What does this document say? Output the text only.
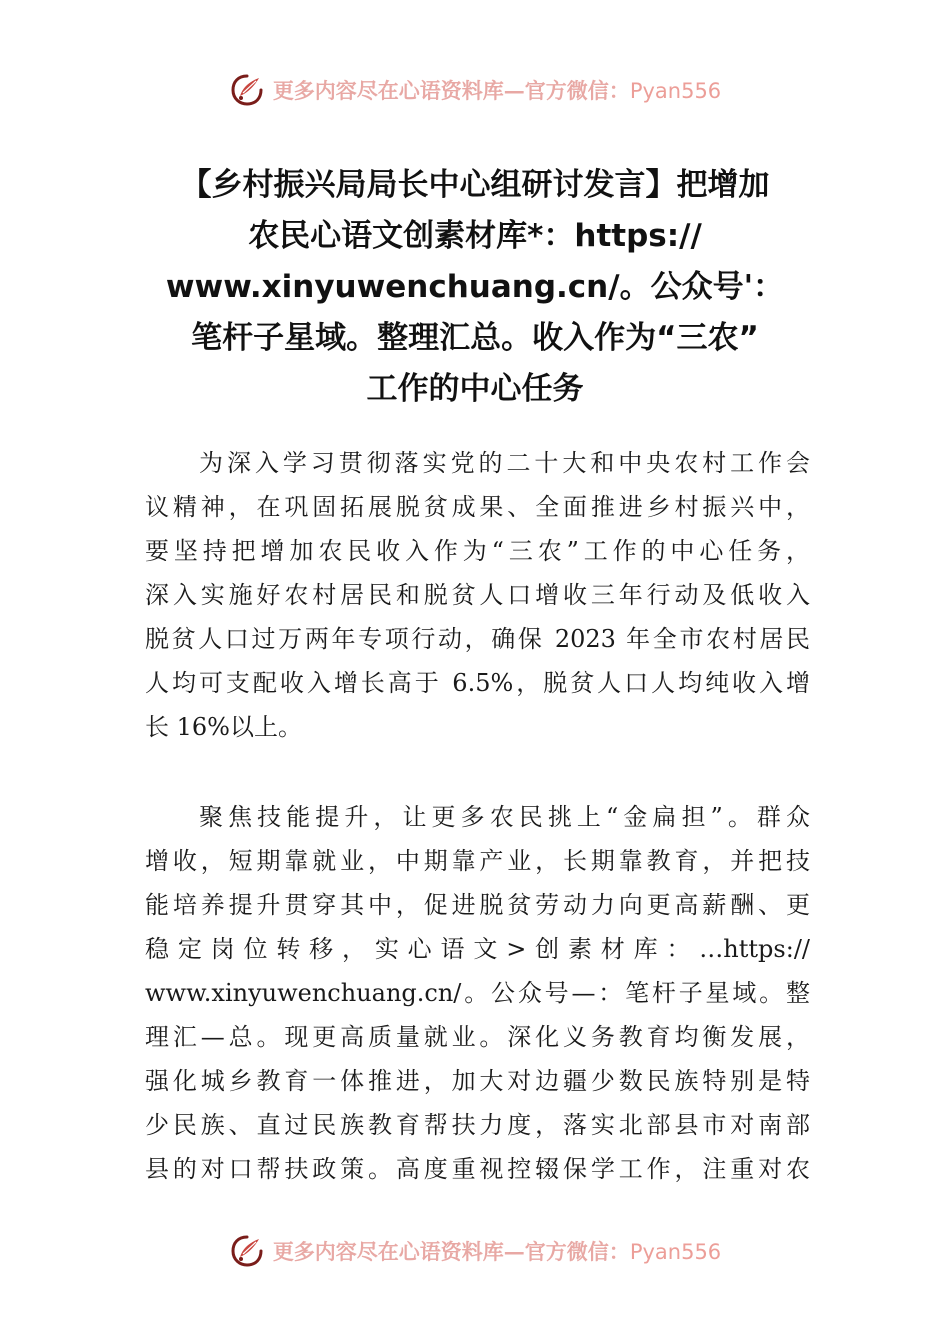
更多内容尽在心语资料库—官方微信：Pyan556
【乡村振兴局局长中心组研讨发言】把增加
农民心语文创素材库*：https://
www.xinyuwenchuang.cn/。公众号'：
笔杆子星域。整理汇总。收入作为“三农”
工作的中心任务

为深入学习贯彻落实党的二十大和中央农村工作会
议精神，在巩固拓展脱贫成果、全面推进乡村振兴中，
要坚持把增加农民收入作为“三农”工作的中心任务，
深入实施好农村居民和脱贫人口增收三年行动及低收入
脱贫人口过万两年专项行动，确保 2023 年全市农村居民
人均可支配收入增长高于 6.5%，脱贫人口人均纯收入增
长 16%以上。

聚焦技能提升，让更多农民挑上“金扁担”。群众
增收，短期靠就业，中期靠产业，长期靠教育，并把技
能培养提升贯穿其中，促进脱贫劳动力向更高薪酬、更
稳定岗位转移，实心语文>创素材库：…https://
www.xinyuwenchuang.cn/。公众号—：笔杆子星域。整
理汇—总。现更高质量就业。深化义务教育均衡发展，
强化城乡教育一体推进，加大对边疆少数民族特别是特
少民族、直过民族教育帮扶力度，落实北部县市对南部
县的对口帮扶政策。高度重视控辍保学工作，注重对农

更多内容尽在心语资料库—官方微信：Pyan556
